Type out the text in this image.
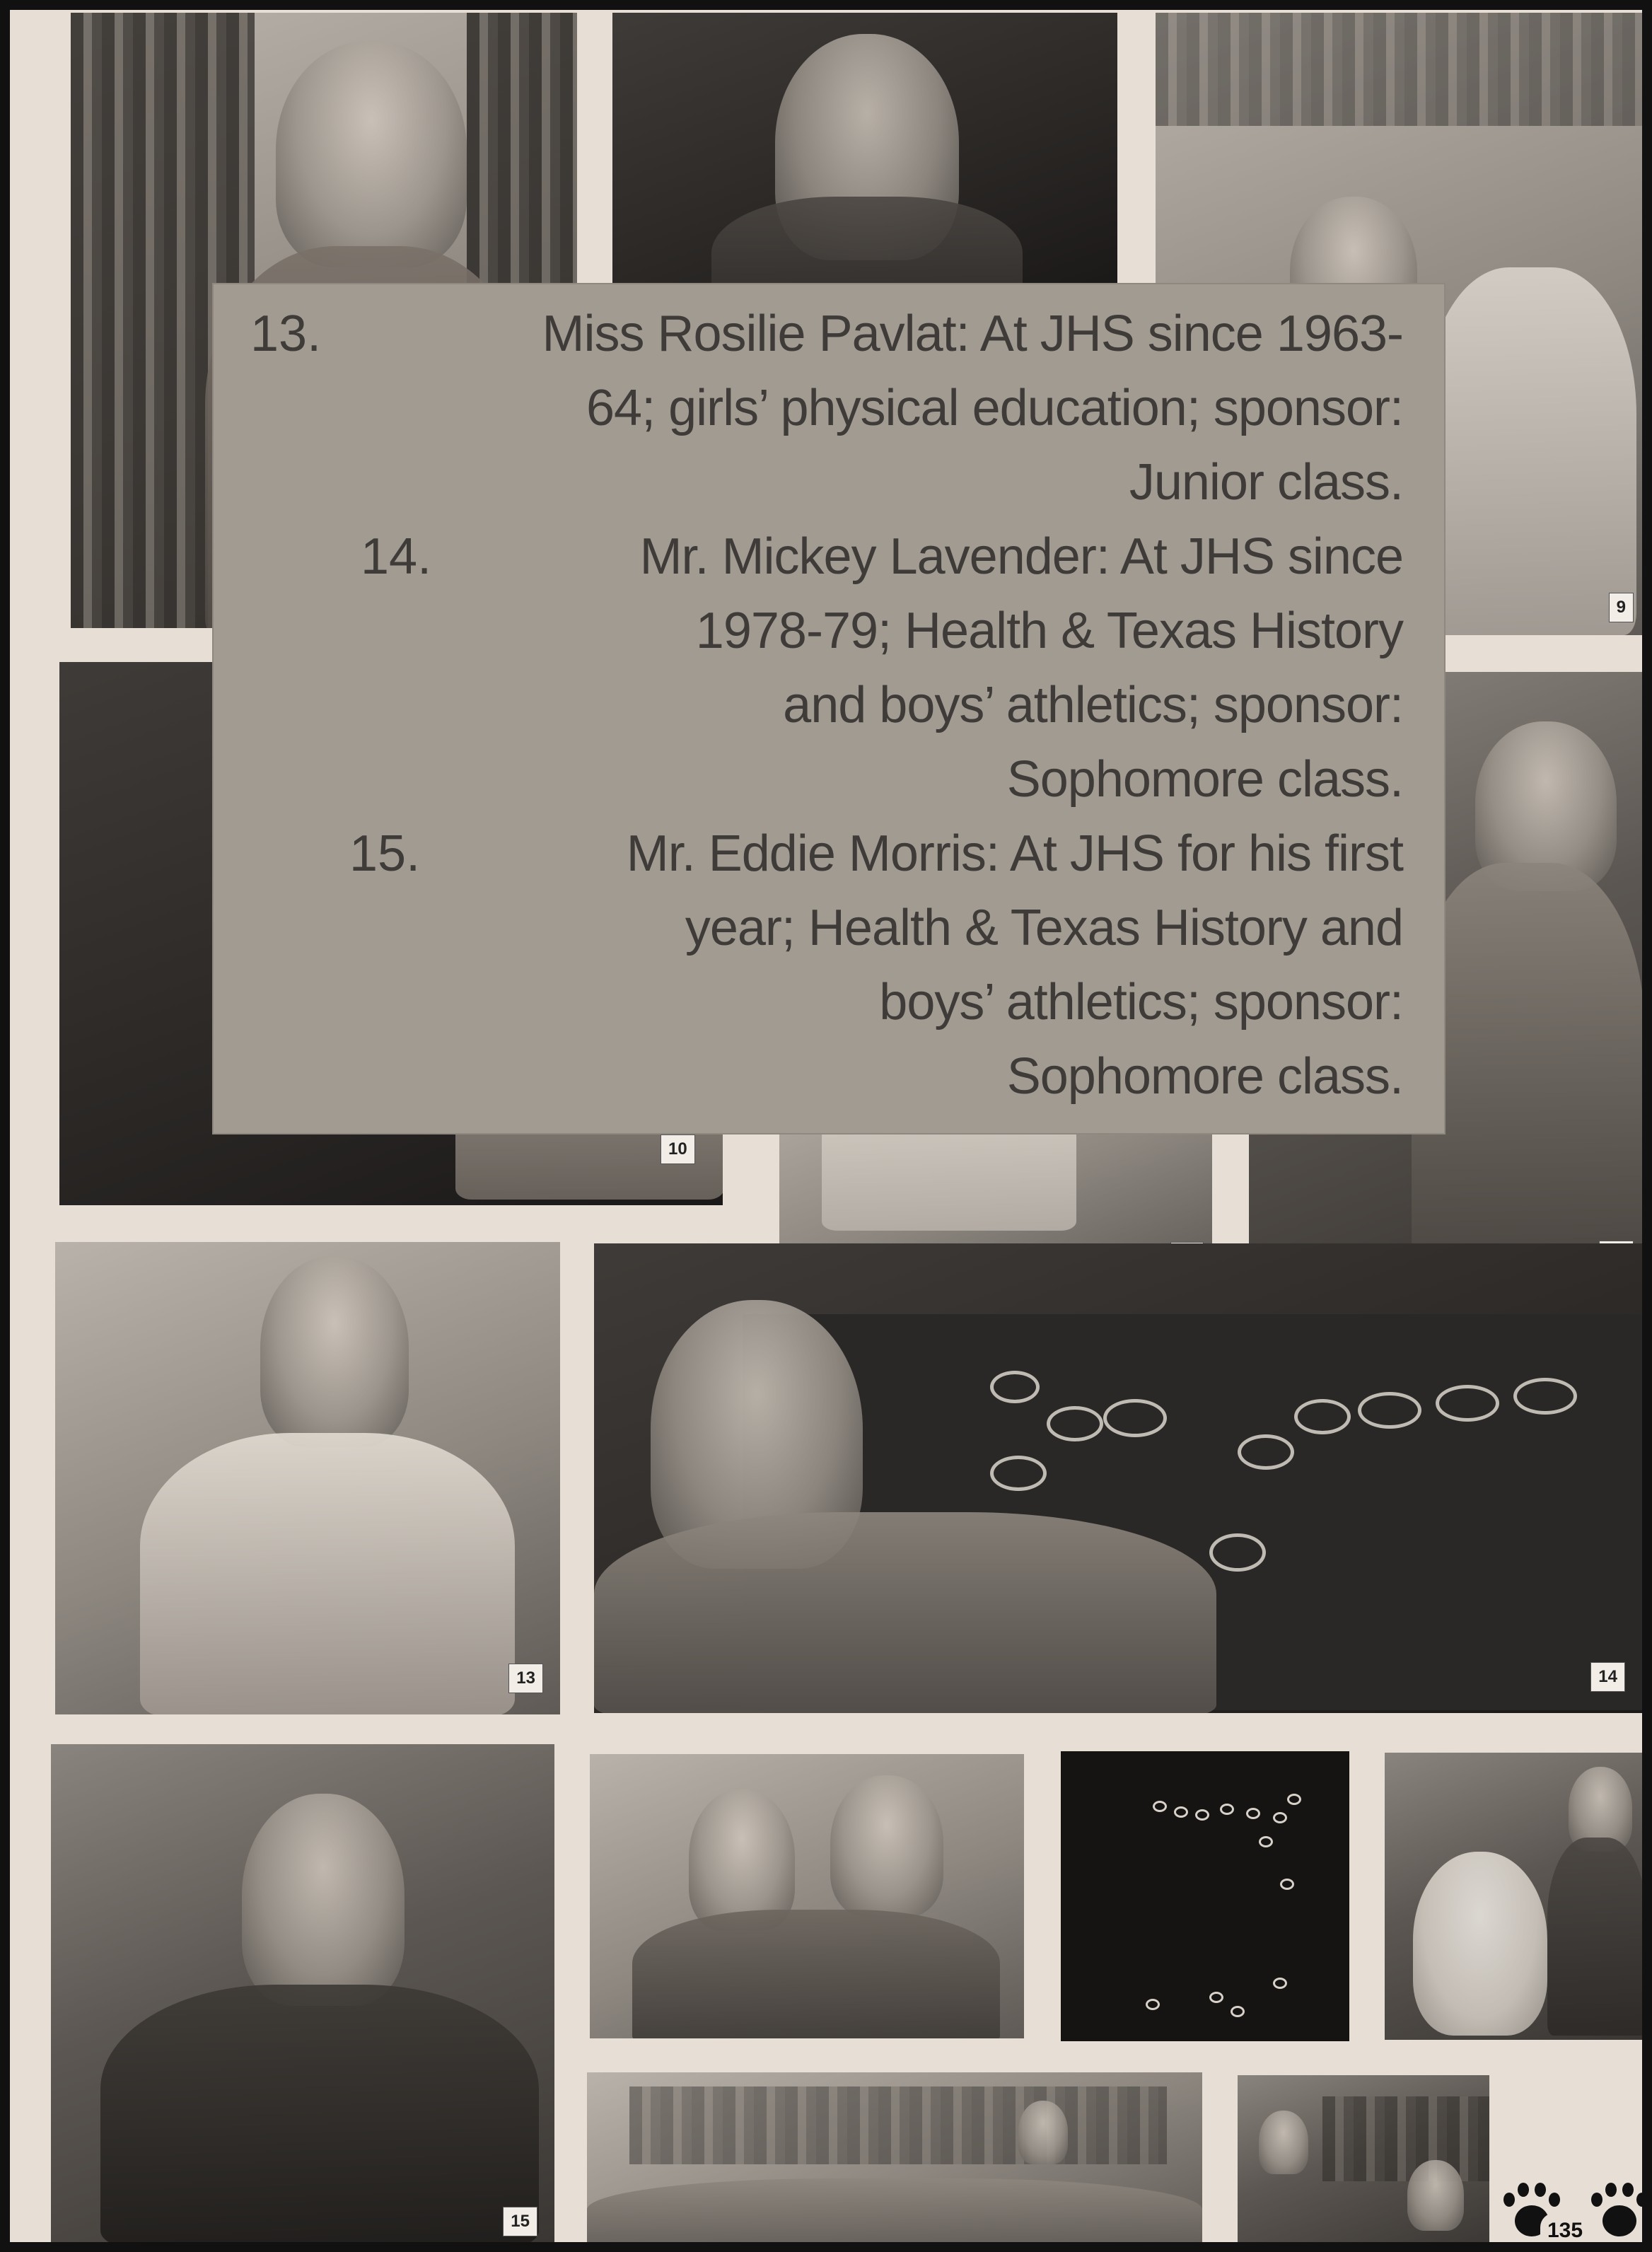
9
10
13	14
15
Miss Rosilie Pavlat: At JHS since 1963-
64; girls’ physical education; sponsor:
Junior class.
Mr. Mickey Lavender: At JHS since
1978-79; Health & Texas History
and boys’ athletics; sponsor:
Sophomore class.
Mr. Eddie Morris: At JHS for his first
year; Health & Texas History and
boys’ athletics; sponsor:
Sophomore class.
13.
14.
15.
135
